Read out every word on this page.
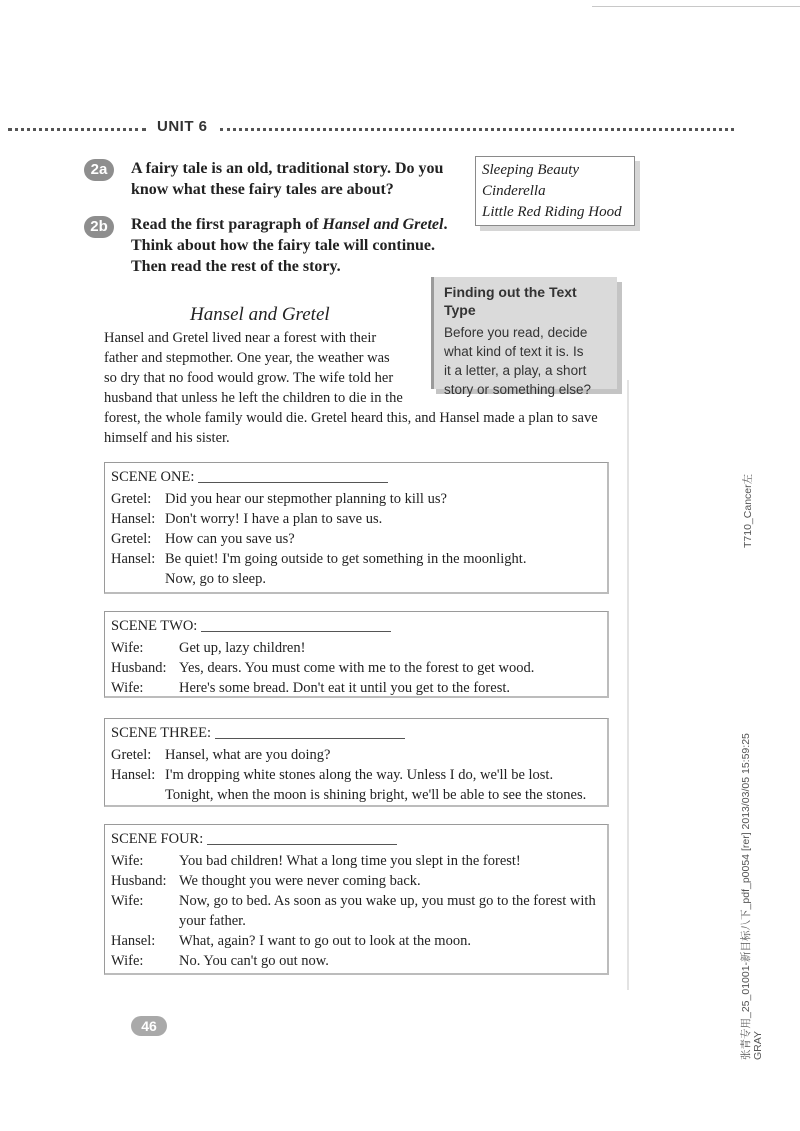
UNIT 6
2a	A fairy tale is an old, traditional story. Do you
know what these fairy tales are about?
Sleeping Beauty
Cinderella
Little Red Riding Hood
2b	Read the first paragraph of Hansel and Gretel.
Think about how the fairy tale will continue.
Then read the rest of the story.
Finding out the Text Type
Before you read, decide
what kind of text it is. Is
it a letter, a play, a short
story or something else?
Hansel and Gretel
Hansel and Gretel lived near a forest with their
father and stepmother. One year, the weather was
so dry that no food would grow. The wife told her
husband that unless he left the children to die in the
forest, the whole family would die. Gretel heard this, and Hansel made a plan to save
himself and his sister.
SCENE ONE:
Gretel: Did you hear our stepmother planning to kill us?
Hansel: Don't worry! I have a plan to save us.
Gretel: How can you save us?
Hansel: Be quiet! I'm going outside to get something in the moonlight.
Now, go to sleep.
SCENE TWO:
Wife: Get up, lazy children!
Husband: Yes, dears. You must come with me to the forest to get wood.
Wife: Here's some bread. Don't eat it until you get to the forest.
SCENE THREE:
Gretel: Hansel, what are you doing?
Hansel: I'm dropping white stones along the way. Unless I do, we'll be lost.
Tonight, when the moon is shining bright, we'll be able to see the stones.
SCENE FOUR:
Wife: You bad children! What a long time you slept in the forest!
Husband: We thought you were never coming back.
Wife: Now, go to bed. As soon as you wake up, you must go to the forest with
your father.
Hansel: What, again? I want to go out to look at the moon.
Wife: No. You can't go out now.
46
T710_Cancer左
张青专用_25_01001-新目标八下_pdf_p0054 [rer] 2013/03/05 15:59:25 GRAY
